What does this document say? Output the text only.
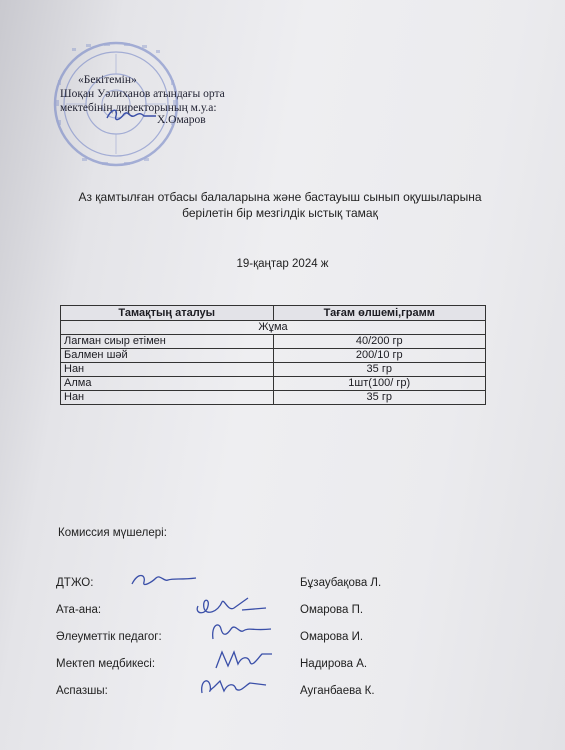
«Бекітемін»
Шоқан Уәлиханов атындағы орта
мектебінің директорының м.у.а:
Х.Омаров
Аз қамтылған отбасы балаларына және бастауыш сынып оқушыларына
берілетін бір мезгілдік ыстық тамақ
19-қаңтар 2024 ж
Тамақтың аталуы	Тағам өлшемі,грамм
Жұма	
Лагман сиыр етімен	40/200 гр
Балмен шәй	200/10 гр
Нан	35 гр
Алма	1шт(100/ гр)
Нан	35 гр
Комиссия мүшелері:
ДТЖО:	Бұзаубақова Л.
Ата-ана:	Омарова П.
Әлеуметтік педагог:	Омарова И.
Мектеп медбикесі:	Надирова А.
Аспазшы:	Ауганбаева К.
